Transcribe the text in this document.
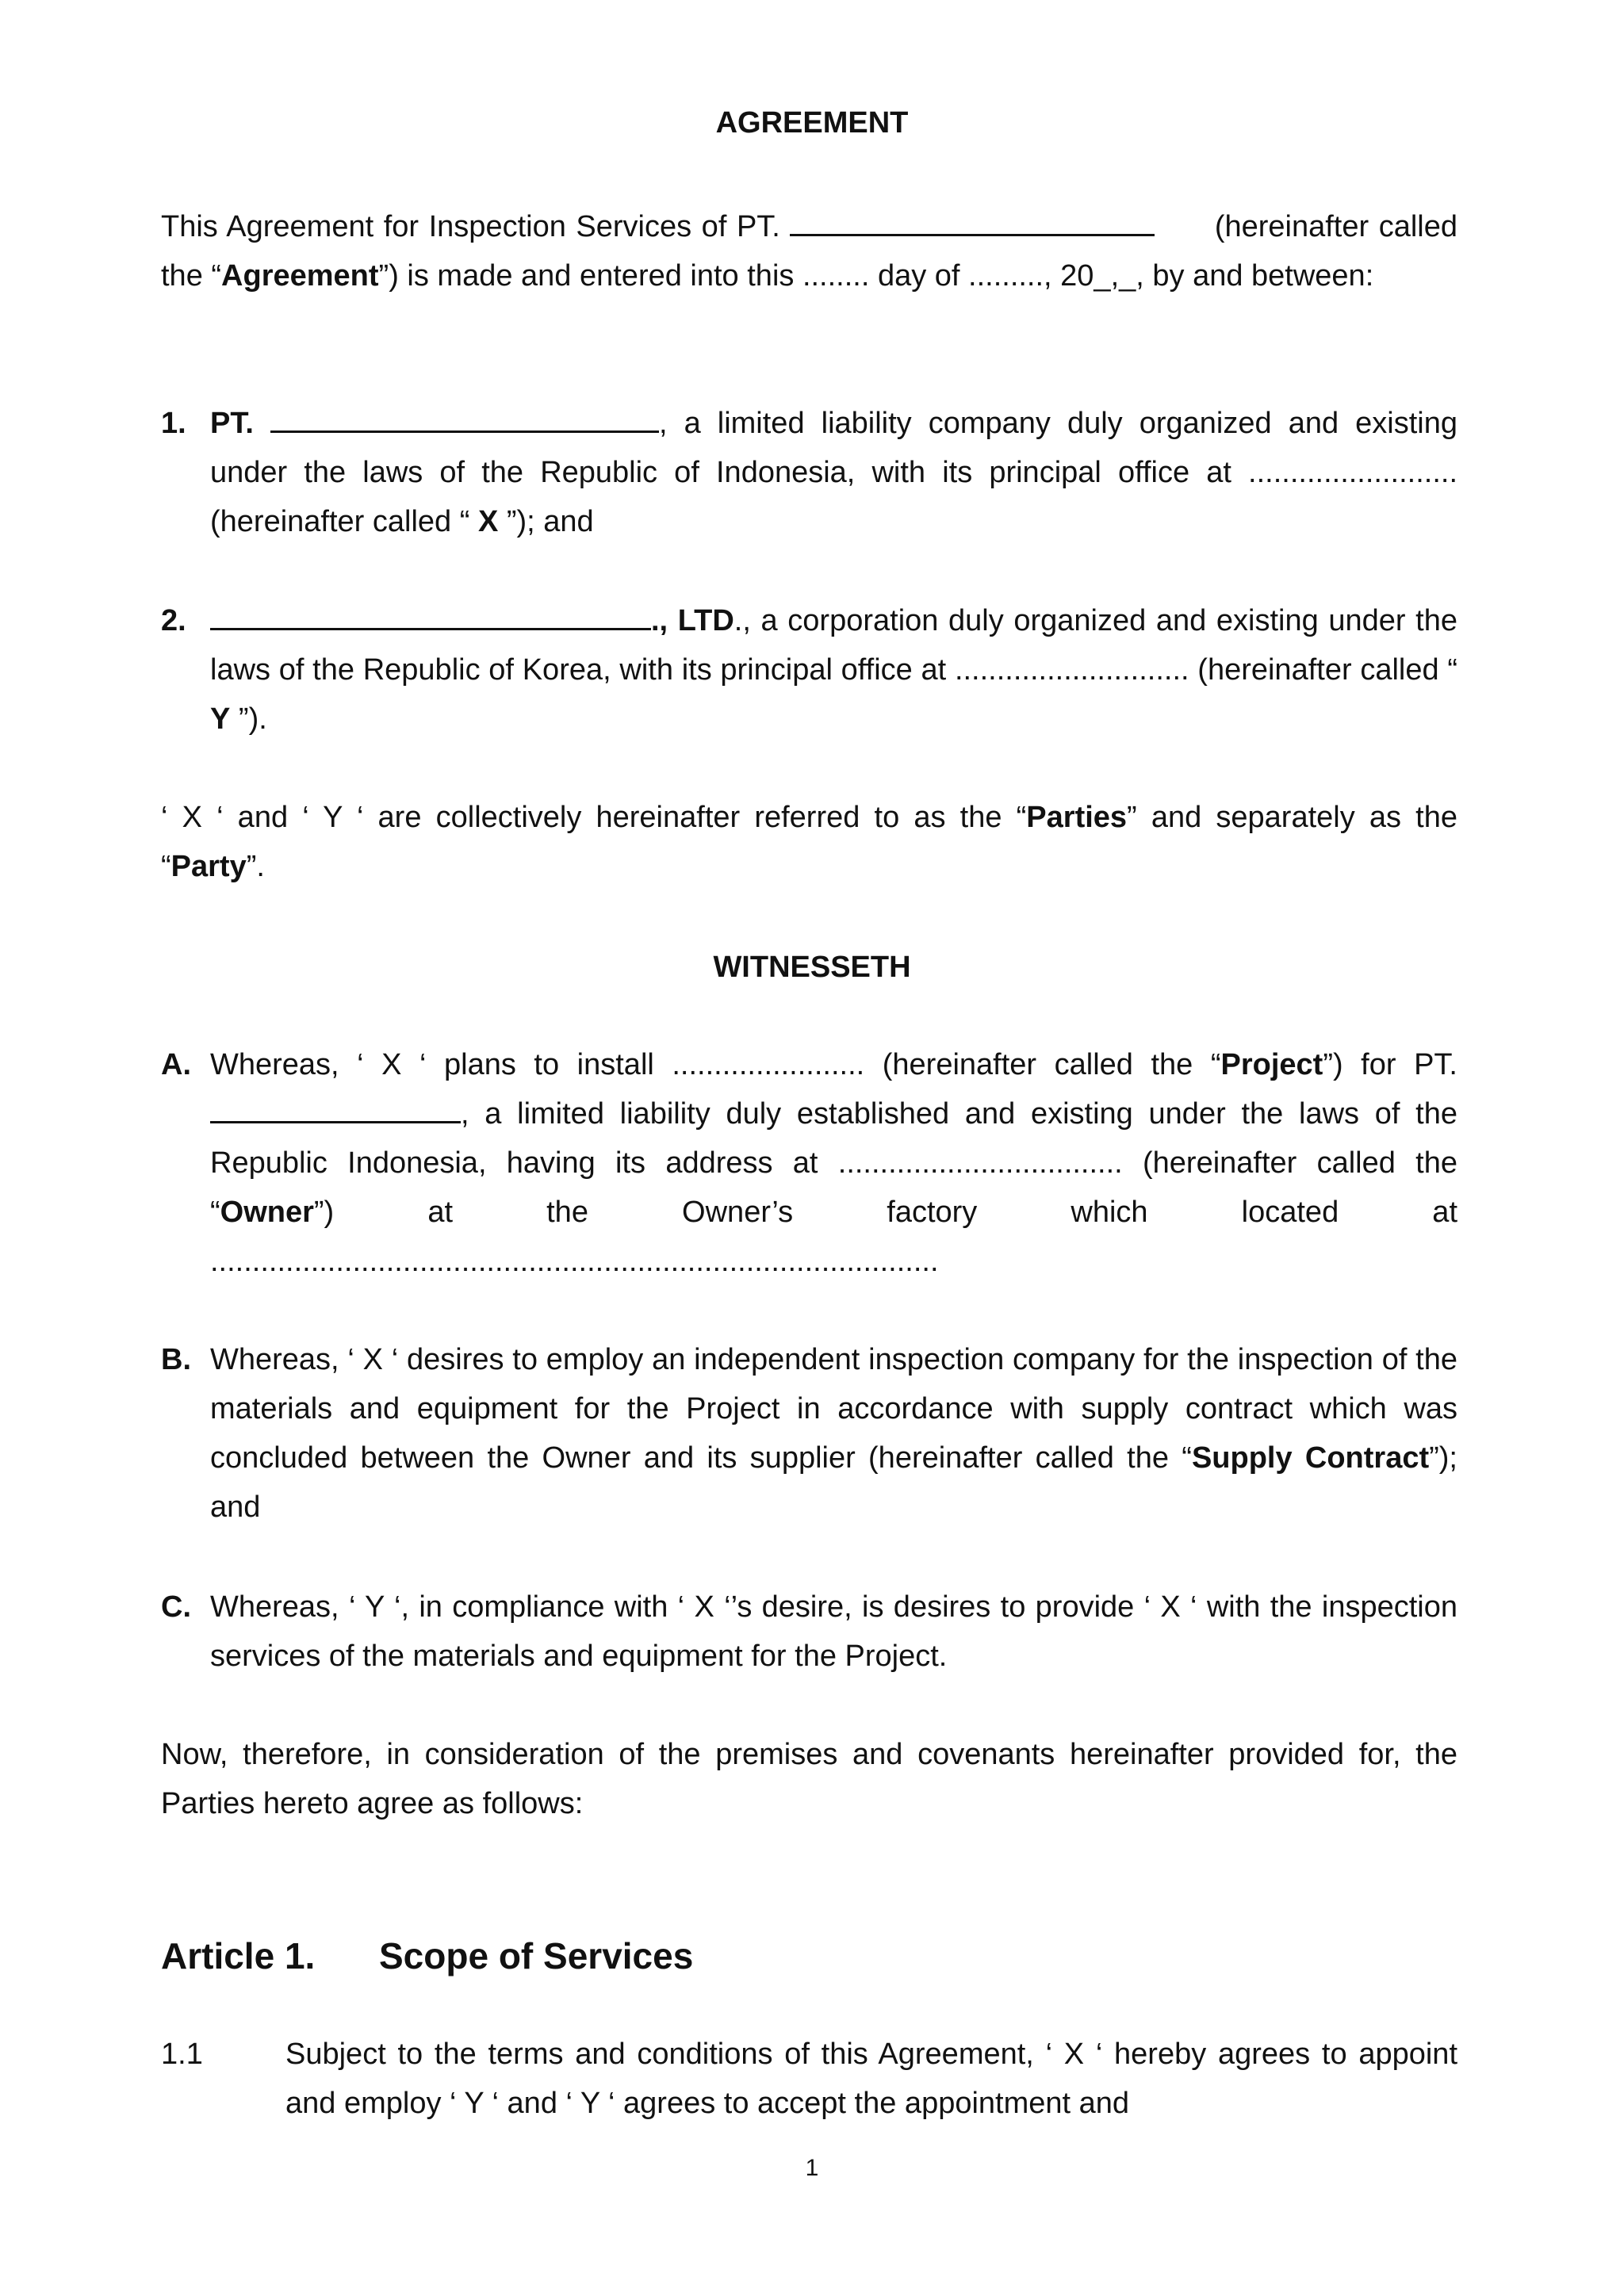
AGREEMENT

This Agreement for Inspection Services of PT.	(hereinafter called the “Agreement”) is made and entered into this ........ day of ........., 20_,_, by and between:

1. PT.	, a limited liability company duly organized and existing under the laws of the Republic of Indonesia, with its principal office at ......................... (hereinafter called “ X ”); and

2.	., LTD., a corporation duly organized and existing under the laws of the Republic of Korea, with its principal office at ............................ (hereinafter called “ Y ”).

‘ X ‘ and ‘ Y ‘ are collectively hereinafter referred to as the “Parties” and separately as the “Party”.

WITNESSETH
A. Whereas, ‘ X ‘ plans to install ....................... (hereinafter called the “Project”) for PT. , a limited liability duly established and existing under the laws of the Republic Indonesia, having its address at .................................. (hereinafter called the “Owner”) at the Owner’s factory which located at .......................................................................................

B. Whereas, ‘ X ‘ desires to employ an independent inspection company for the inspection of the materials and equipment for the Project in accordance with supply contract which was concluded between the Owner and its supplier (hereinafter called the “Supply Contract”); and

C. Whereas, ‘ Y ‘, in compliance with ‘ X ‘’s desire, is desires to provide ‘ X ‘ with the inspection services of the materials and equipment for the Project.

Now, therefore, in consideration of the premises and covenants hereinafter provided for, the Parties hereto agree as follows:

Article 1. Scope of Services
1.1	Subject to the terms and conditions of this Agreement, ‘ X ‘ hereby agrees to appoint and employ ‘ Y ‘ and ‘ Y ‘ agrees to accept the appointment and

1
